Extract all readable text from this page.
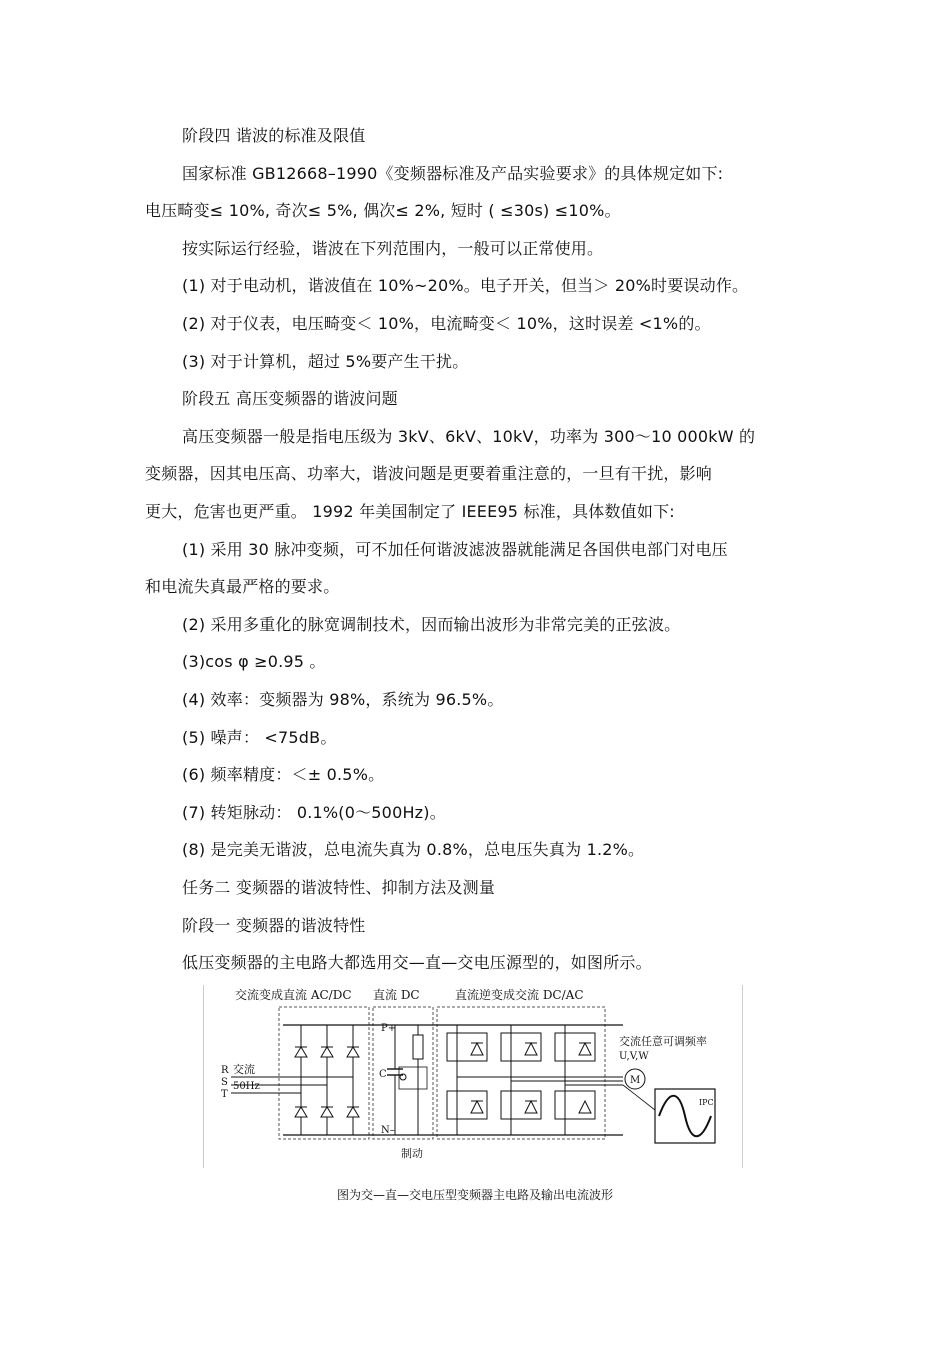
阶段四 谐波的标准及限值
国家标准 GB12668–1990《变频器标准及产品实验要求》的具体规定如下:
电压畸变≤ 10%, 奇次≤ 5%, 偶次≤ 2%, 短时 ( ≤30s) ≤10%。
按实际运行经验，谐波在下列范围内，一般可以正常使用。
(1) 对于电动机，谐波值在 10%~20%。电子开关，但当＞ 20%时要误动作。
(2) 对于仪表，电压畸变＜ 10%，电流畸变＜ 10%，这时误差 <1%的。
(3) 对于计算机，超过 5%要产生干扰。
阶段五 高压变频器的谐波问题
高压变频器一般是指电压级为 3kV、6kV、10kV，功率为 300～10 000kW 的
变频器，因其电压高、功率大，谐波问题是更要着重注意的，一旦有干扰，影响
更大，危害也更严重。 1992 年美国制定了 IEEE95 标准，具体数值如下:
(1) 采用 30 脉冲变频，可不加任何谐波滤波器就能满足各国供电部门对电压
和电流失真最严格的要求。
(2) 采用多重化的脉宽调制技术，因而输出波形为非常完美的正弦波。
(3)cos φ ≥0.95 。
(4) 效率：变频器为 98%，系统为 96.5%。
(5) 噪声： <75dB。
(6) 频率精度：＜± 0.5%。
(7) 转矩脉动： 0.1%(0～500Hz)。
(8) 是完美无谐波，总电流失真为 0.8%，总电压失真为 1.2%。
任务二 变频器的谐波特性、抑制方法及测量
阶段一 变频器的谐波特性
低压变频器的主电路大都选用交—直—交电压源型的，如图所示。
交流变成直流 AC/DC 直流 DC	直流逆变成交流 DC/AC
交流任意可调频率
U,V,W
R
S
T
交流
50Hz
P+
N–
C
M
IPC
制动
图为交—直—交电压型变频器主电路及输出电流波形
